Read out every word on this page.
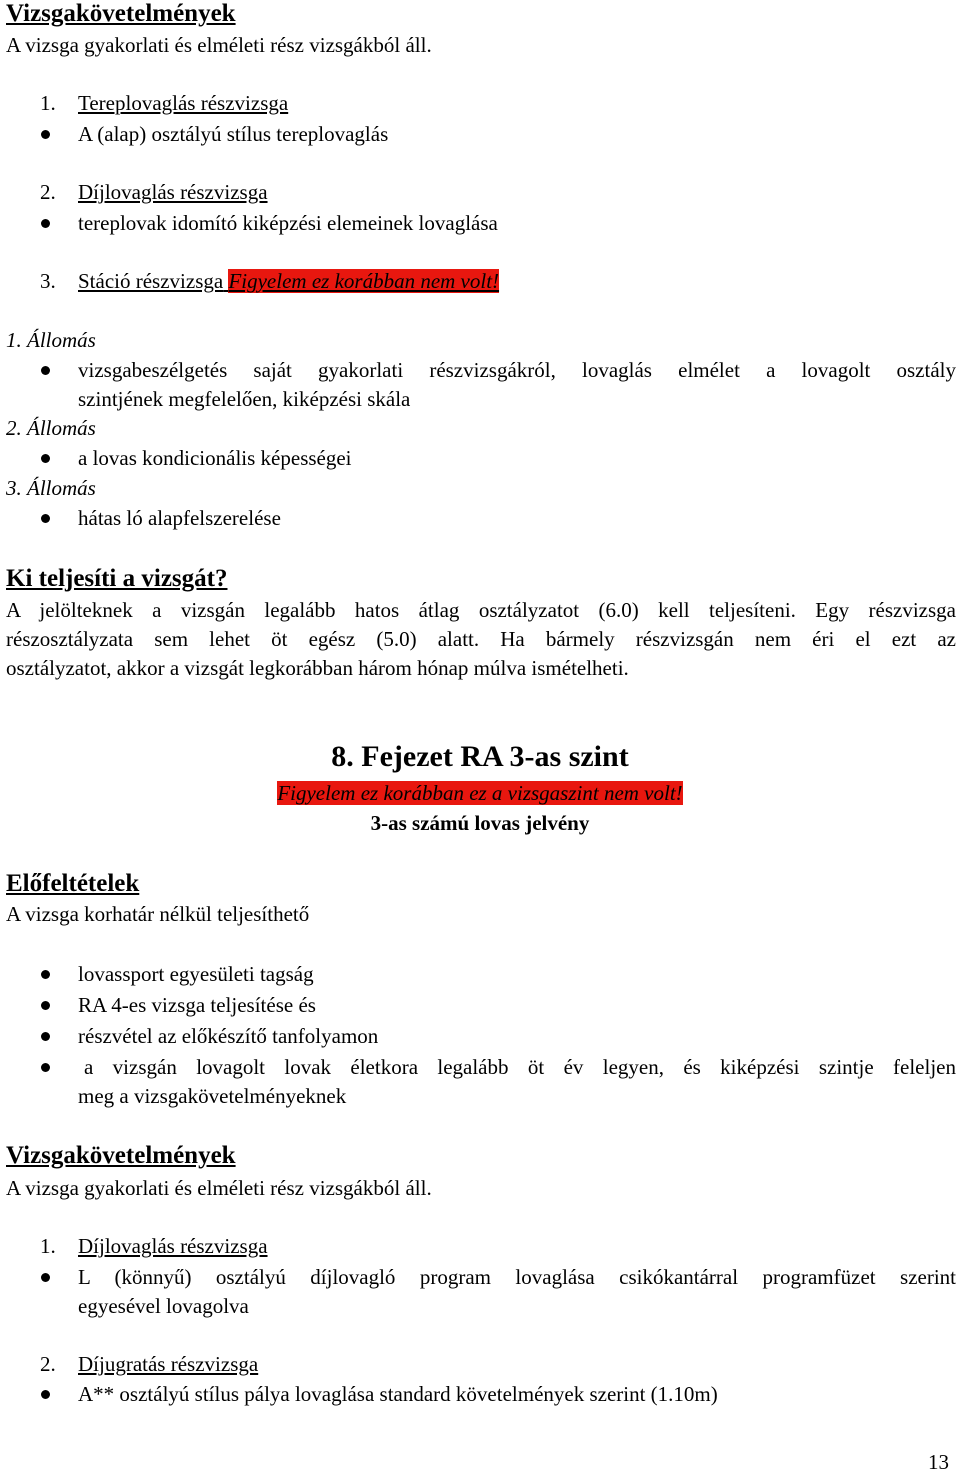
Vizsgakövetelmények
A vizsga gyakorlati és elméleti rész vizsgákból áll.
1. Tereplovaglás részvizsga
A (alap) osztályú stílus tereplovaglás
2. Díjlovaglás részvizsga
tereplovak idomító kiképzési elemeinek lovaglása
3. Stáció részvizsga Figyelem ez korábban nem volt!
1. Állomás
vizsgabeszélgetés saját gyakorlati részvizsgákról, lovaglás elmélet a lovagolt osztály
szintjének megfelelően, kiképzési skála
2. Állomás
a lovas kondicionális képességei
3. Állomás
hátas ló alapfelszerelése
Ki teljesíti a vizsgát?
A jelölteknek a vizsgán legalább hatos átlag osztályzatot (6.0) kell teljesíteni. Egy részvizsga
részosztályzata sem lehet öt egész (5.0) alatt. Ha bármely részvizsgán nem éri el ezt az
osztályzatot, akkor a vizsgát legkorábban három hónap múlva ismételheti.
8. Fejezet RA 3-as szint
Figyelem ez korábban ez a vizsgaszint nem volt!
3-as számú lovas jelvény
Előfeltételek
A vizsga korhatár nélkül teljesíthető
lovassport egyesületi tagság
RA 4-es vizsga teljesítése és
részvétel az előkészítő tanfolyamon
a vizsgán lovagolt lovak életkora legalább öt év legyen, és kiképzési szintje feleljen
meg a vizsgakövetelményeknek
Vizsgakövetelmények
A vizsga gyakorlati és elméleti rész vizsgákból áll.
1. Díjlovaglás részvizsga
L (könnyű) osztályú díjlovagló program lovaglása csikókantárral programfüzet szerint
egyesével lovagolva
2. Díjugratás részvizsga
A** osztályú stílus pálya lovaglása standard követelmények szerint (1.10m)
13
